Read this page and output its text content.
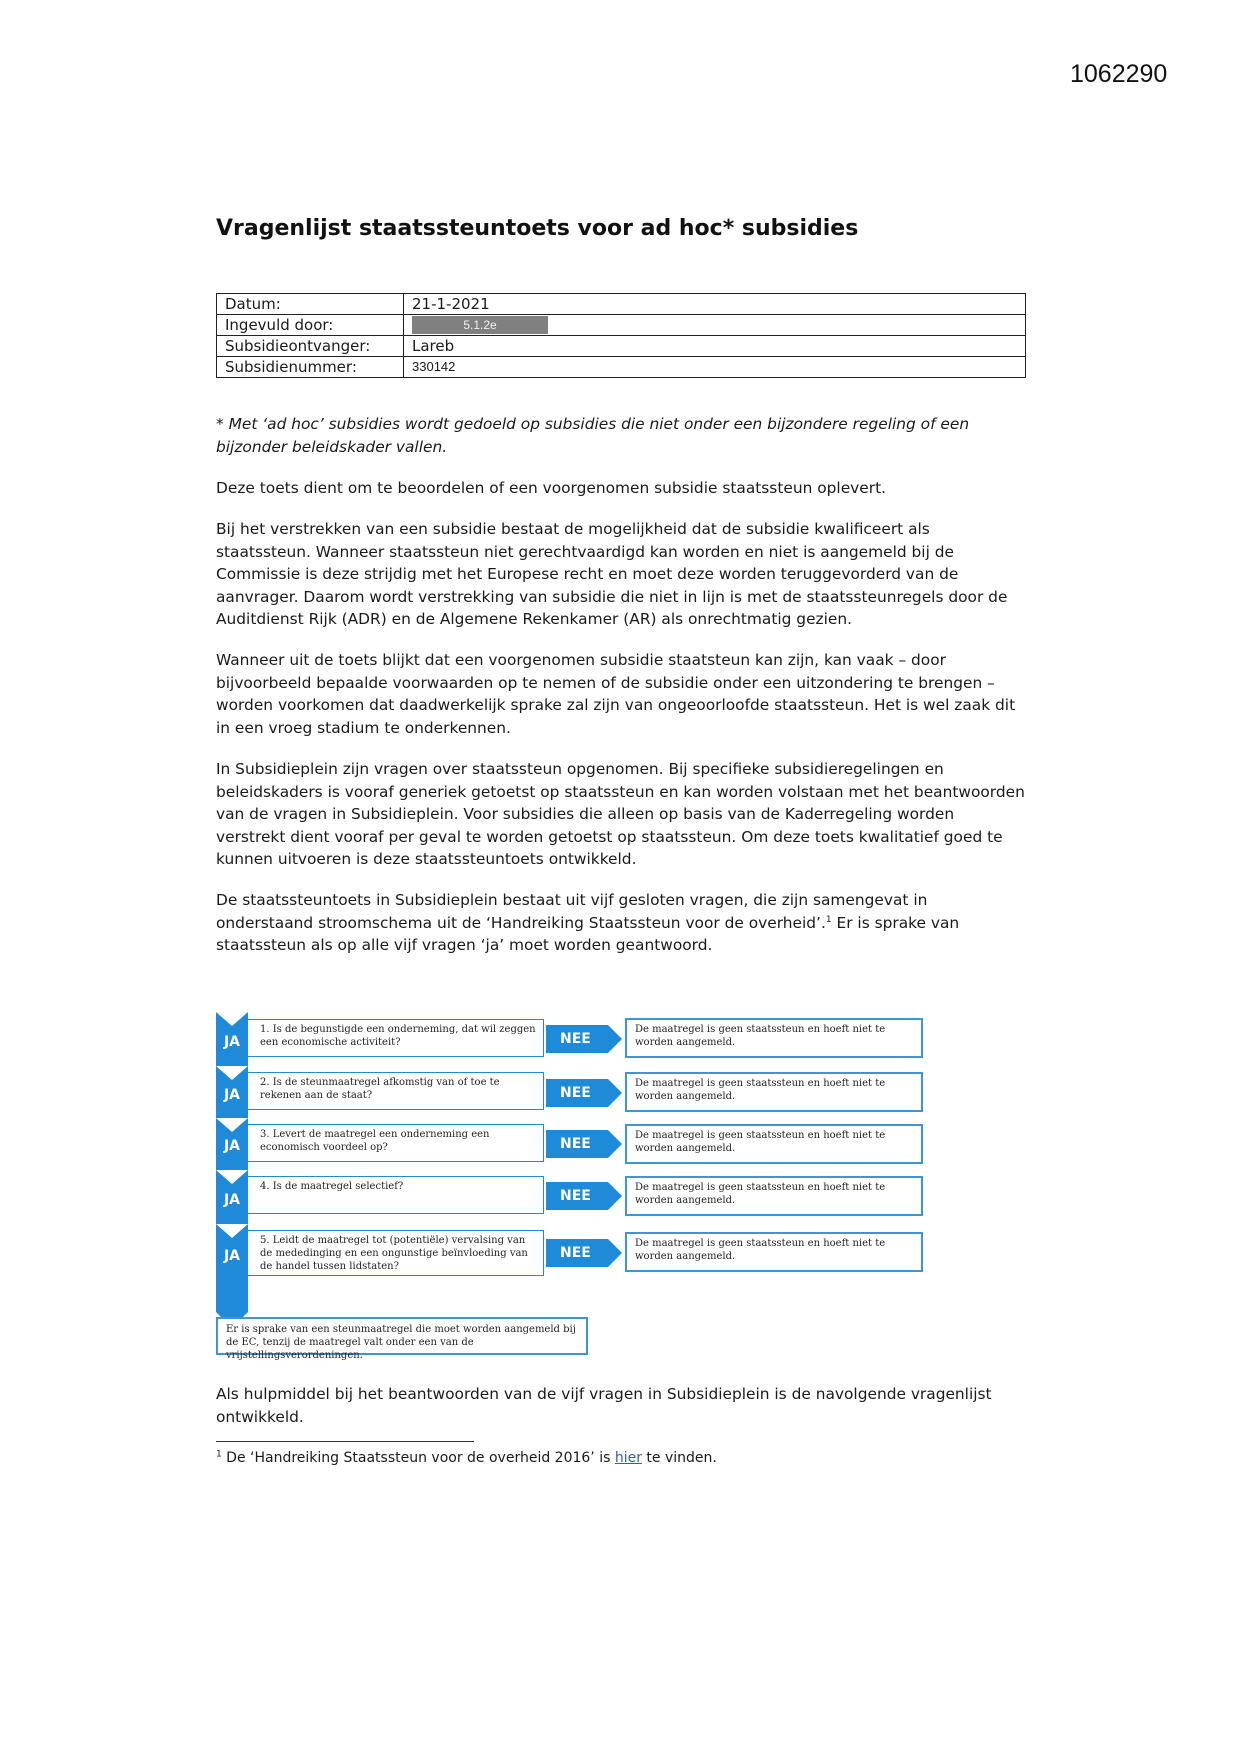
1062290
Vragenlijst staatssteuntoets voor ad hoc* subsidies
Datum:	21-1-2021
Ingevuld door:	5.1.2e
Subsidieontvanger:	Lareb
Subsidienummer:	330142

* Met ‘ad hoc’ subsidies wordt gedoeld op subsidies die niet onder een bijzondere regeling of een bijzonder beleidskader vallen.

Deze toets dient om te beoordelen of een voorgenomen subsidie staatssteun oplevert.

Bij het verstrekken van een subsidie bestaat de mogelijkheid dat de subsidie kwalificeert als staatssteun. Wanneer staatssteun niet gerechtvaardigd kan worden en niet is aangemeld bij de Commissie is deze strijdig met het Europese recht en moet deze worden teruggevorderd van de aanvrager. Daarom wordt verstrekking van subsidie die niet in lijn is met de staatssteunregels door de Auditdienst Rijk (ADR) en de Algemene Rekenkamer (AR) als onrechtmatig gezien.

Wanneer uit de toets blijkt dat een voorgenomen subsidie staatsteun kan zijn, kan vaak – door bijvoorbeeld bepaalde voorwaarden op te nemen of de subsidie onder een uitzondering te brengen – worden voorkomen dat daadwerkelijk sprake zal zijn van ongeoorloofde staatssteun. Het is wel zaak dit in een vroeg stadium te onderkennen.

In Subsidieplein zijn vragen over staatssteun opgenomen. Bij specifieke subsidieregelingen en beleidskaders is vooraf generiek getoetst op staatssteun en kan worden volstaan met het beantwoorden van de vragen in Subsidieplein. Voor subsidies die alleen op basis van de Kaderregeling worden verstrekt dient vooraf per geval te worden getoetst op staatssteun. Om deze toets kwalitatief goed te kunnen uitvoeren is deze staatssteuntoets ontwikkeld.

De staatssteuntoets in Subsidieplein bestaat uit vijf gesloten vragen, die zijn samengevat in onderstaand stroomschema uit de ‘Handreiking Staatssteun voor de overheid’.$^1$ Er is sprake van staatssteun als op alle vijf vragen ‘ja’ moet worden geantwoord.

JA
1. Is de begunstigde een onderneming, dat wil zeggen een economische activiteit?	NEE
De maatregel is geen staatssteun en hoeft niet te worden aangemeld.
JA
2. Is de steunmaatregel afkomstig van of toe te rekenen aan de staat?	NEE
De maatregel is geen staatssteun en hoeft niet te worden aangemeld.
JA
3. Levert de maatregel een onderneming een economisch voordeel op?	NEE
De maatregel is geen staatssteun en hoeft niet te worden aangemeld.
JA
4. Is de maatregel selectief?
NEE
De maatregel is geen staatssteun en hoeft niet te worden aangemeld.
JA
5. Leidt de maatregel tot (potentiële) vervalsing van de mededinging en een ongunstige beïnvloeding van de handel tussen lidstaten?
NEE
De maatregel is geen staatssteun en hoeft niet te worden aangemeld.
Er is sprake van een steunmaatregel die moet worden aangemeld bij de EC, tenzij de maatregel valt onder een van de vrijstellingsverordeningen.

Als hulpmiddel bij het beantwoorden van de vijf vragen in Subsidieplein is de navolgende vragenlijst ontwikkeld.

$^1$ De ‘Handreiking Staatssteun voor de overheid 2016’ is hier te vinden.
